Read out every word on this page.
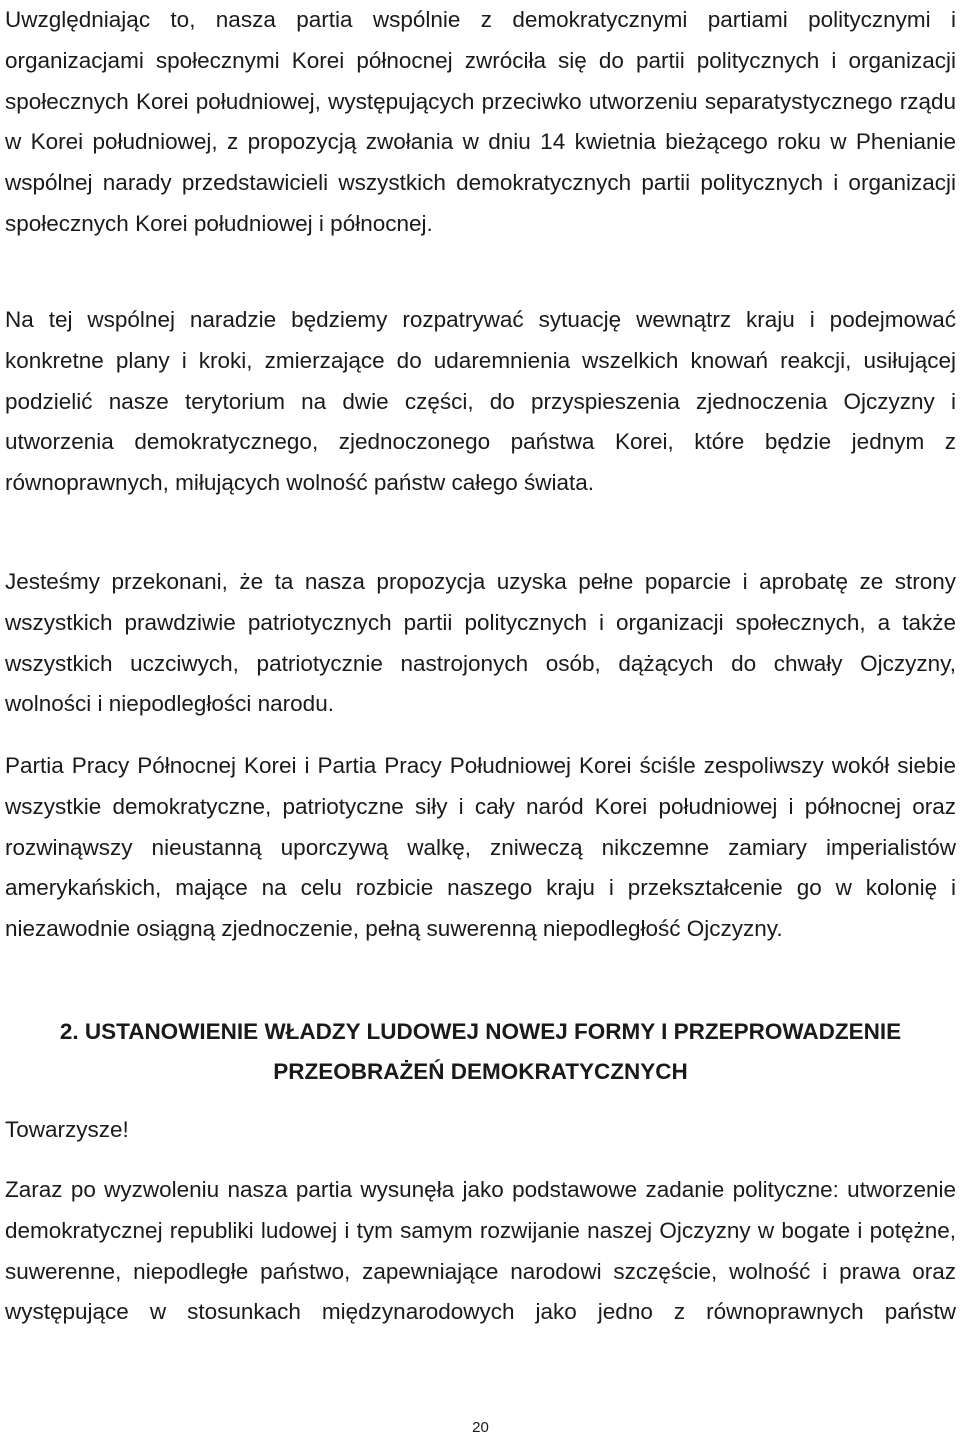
Uwzględniając to, nasza partia wspólnie z demokratycznymi partiami politycznymi i organizacjami społecznymi Korei północnej zwróciła się do partii politycznych i organizacji społecznych Korei południowej, występujących przeciwko utworzeniu separatystycznego rządu w Korei południowej, z propozycją zwołania w dniu 14 kwietnia bieżącego roku w Phenianie wspólnej narady przedstawicieli wszystkich demokratycznych partii politycznych i organizacji społecznych Korei południowej i północnej.

Na tej wspólnej naradzie będziemy rozpatrywać sytuację wewnątrz kraju i podejmować konkretne plany i kroki, zmierzające do udaremnienia wszelkich knowań reakcji, usiłującej podzielić nasze terytorium na dwie części, do przyspieszenia zjednoczenia Ojczyzny i utworzenia demokratycznego, zjednoczonego państwa Korei, które będzie jednym z równoprawnych, miłujących wolność państw całego świata.

Jesteśmy przekonani, że ta nasza propozycja uzyska pełne poparcie i aprobatę ze strony wszystkich prawdziwie patriotycznych partii politycznych i organizacji społecznych, a także wszystkich uczciwych, patriotycznie nastrojonych osób, dążących do chwały Ojczyzny, wolności i niepodległości narodu.

Partia Pracy Północnej Korei i Partia Pracy Południowej Korei ściśle zespoliwszy wokół siebie wszystkie demokratyczne, patriotyczne siły i cały naród Korei południowej i północnej oraz rozwinąwszy nieustanną uporczywą walkę, zniweczą nikczemne zamiary imperialistów amerykańskich, mające na celu rozbicie naszego kraju i przekształcenie go w kolonię i niezawodnie osiągną zjednoczenie, pełną suwerenną niepodległość Ojczyzny.

2. USTANOWIENIE WŁADZY LUDOWEJ NOWEJ FORMY I PRZEPROWADZENIE
PRZEOBRAŻEŃ DEMOKRATYCZNYCH

Towarzysze!

Zaraz po wyzwoleniu nasza partia wysunęła jako podstawowe zadanie polityczne: utworzenie demokratycznej republiki ludowej i tym samym rozwijanie naszej Ojczyzny w bogate i potężne, suwerenne, niepodległe państwo, zapewniające narodowi szczęście, wolność i prawa oraz występujące w stosunkach międzynarodowych jako jedno z równoprawnych państw

20
